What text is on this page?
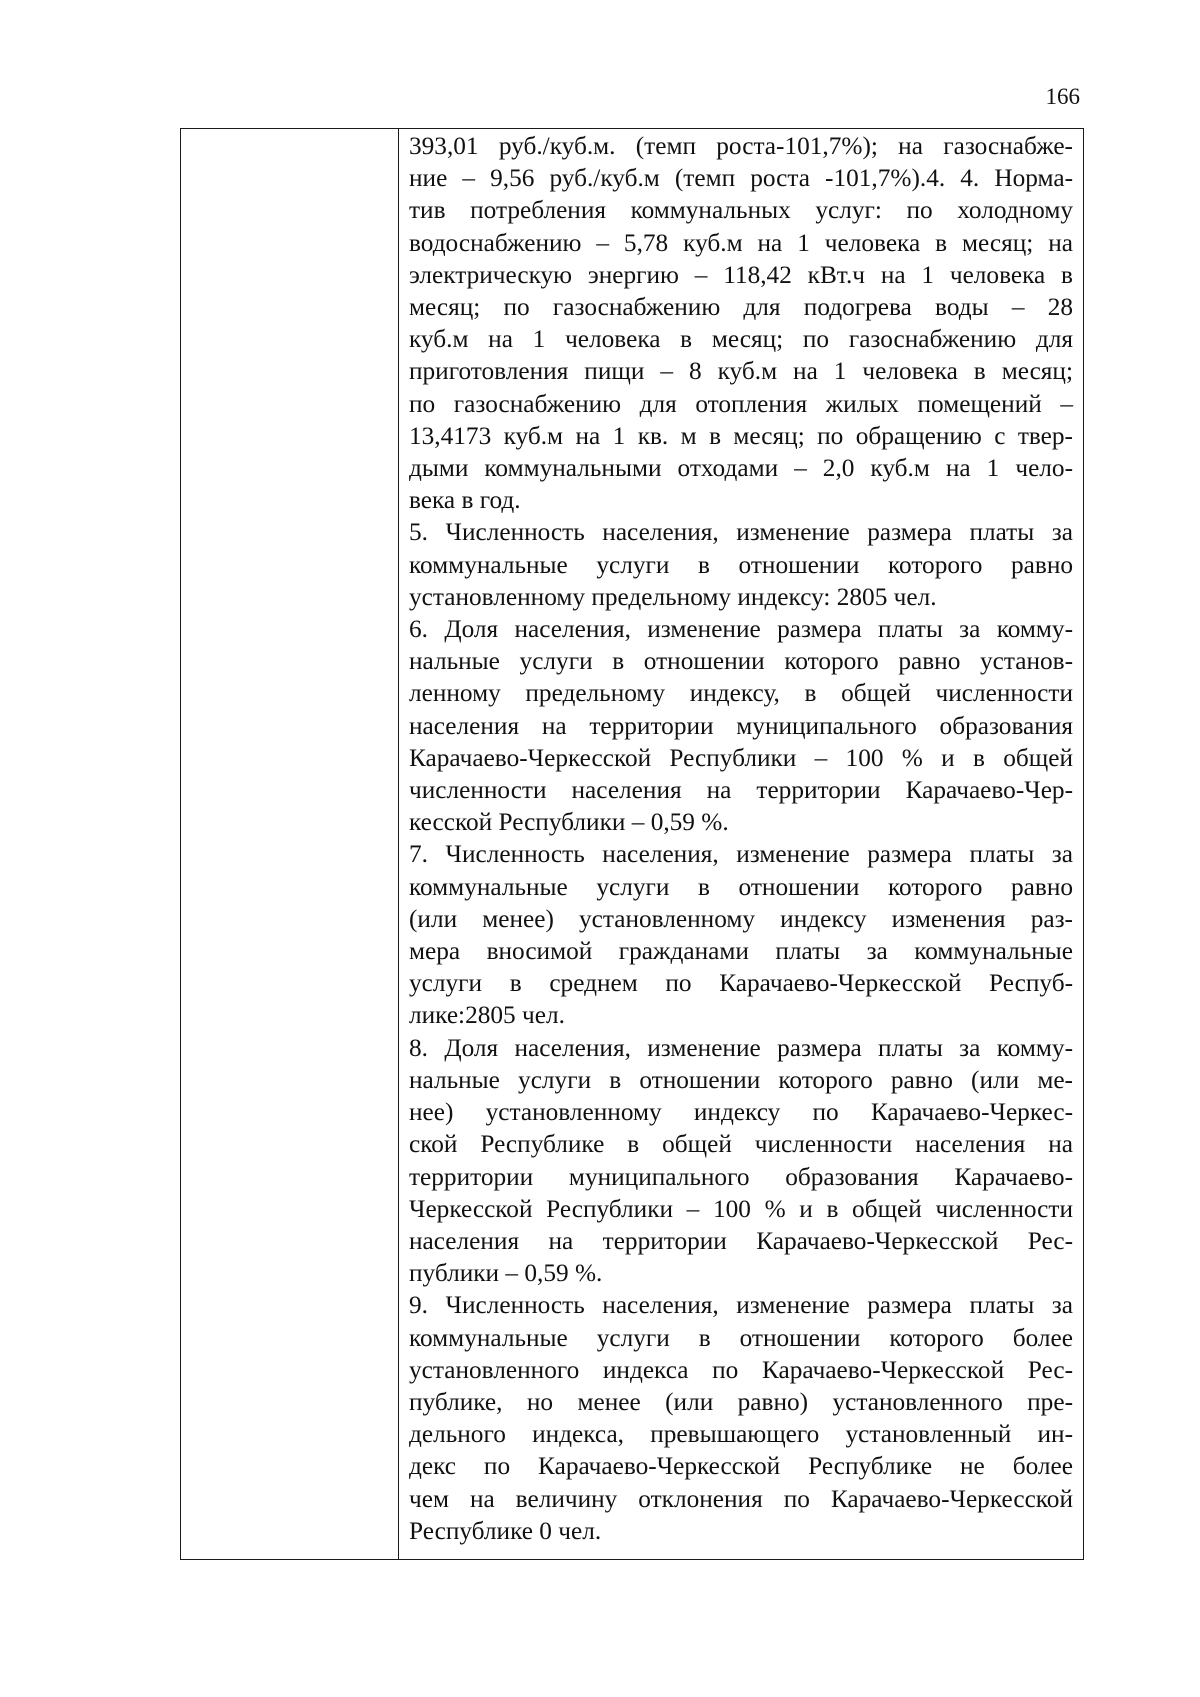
166
393,01 руб./куб.м. (темп роста-101,7%); на газоснабже-
ние – 9,56 руб./куб.м (темп роста -101,7%).4. 4. Норма-
тив потребления коммунальных услуг: по холодному
водоснабжению – 5,78 куб.м на 1 человека в месяц; на
электрическую энергию – 118,42 кВт.ч на 1 человека в
месяц; по газоснабжению для подогрева воды – 28
куб.м на 1 человека в месяц; по газоснабжению для
приготовления пищи – 8 куб.м на 1 человека в месяц;
по газоснабжению для отопления жилых помещений –
13,4173 куб.м на 1 кв. м в месяц; по обращению с твер-
дыми коммунальными отходами – 2,0 куб.м на 1 чело-
века в год.
5. Численность населения, изменение размера платы за
коммунальные услуги в отношении которого равно
установленному предельному индексу: 2805 чел.
6. Доля населения, изменение размера платы за комму-
нальные услуги в отношении которого равно установ-
ленному предельному индексу, в общей численности
населения на территории муниципального образования
Карачаево-Черкесской Республики – 100 % и в общей
численности населения на территории Карачаево-Чер-
кесской Республики – 0,59 %.
7. Численность населения, изменение размера платы за
коммунальные услуги в отношении которого равно
(или менее) установленному индексу изменения раз-
мера вносимой гражданами платы за коммунальные
услуги в среднем по Карачаево-Черкесской Респуб-
лике:2805 чел.
8. Доля населения, изменение размера платы за комму-
нальные услуги в отношении которого равно (или ме-
нее) установленному индексу по Карачаево-Черкес-
ской Республике в общей численности населения на
территории муниципального образования Карачаево-
Черкесской Республики – 100 % и в общей численности
населения на территории Карачаево-Черкесской Рес-
публики – 0,59 %.
9. Численность населения, изменение размера платы за
коммунальные услуги в отношении которого более
установленного индекса по Карачаево-Черкесской Рес-
публике, но менее (или равно) установленного пре-
дельного индекса, превышающего установленный ин-
декс по Карачаево-Черкесской Республике не более
чем на величину отклонения по Карачаево-Черкесской
Республике 0 чел.
